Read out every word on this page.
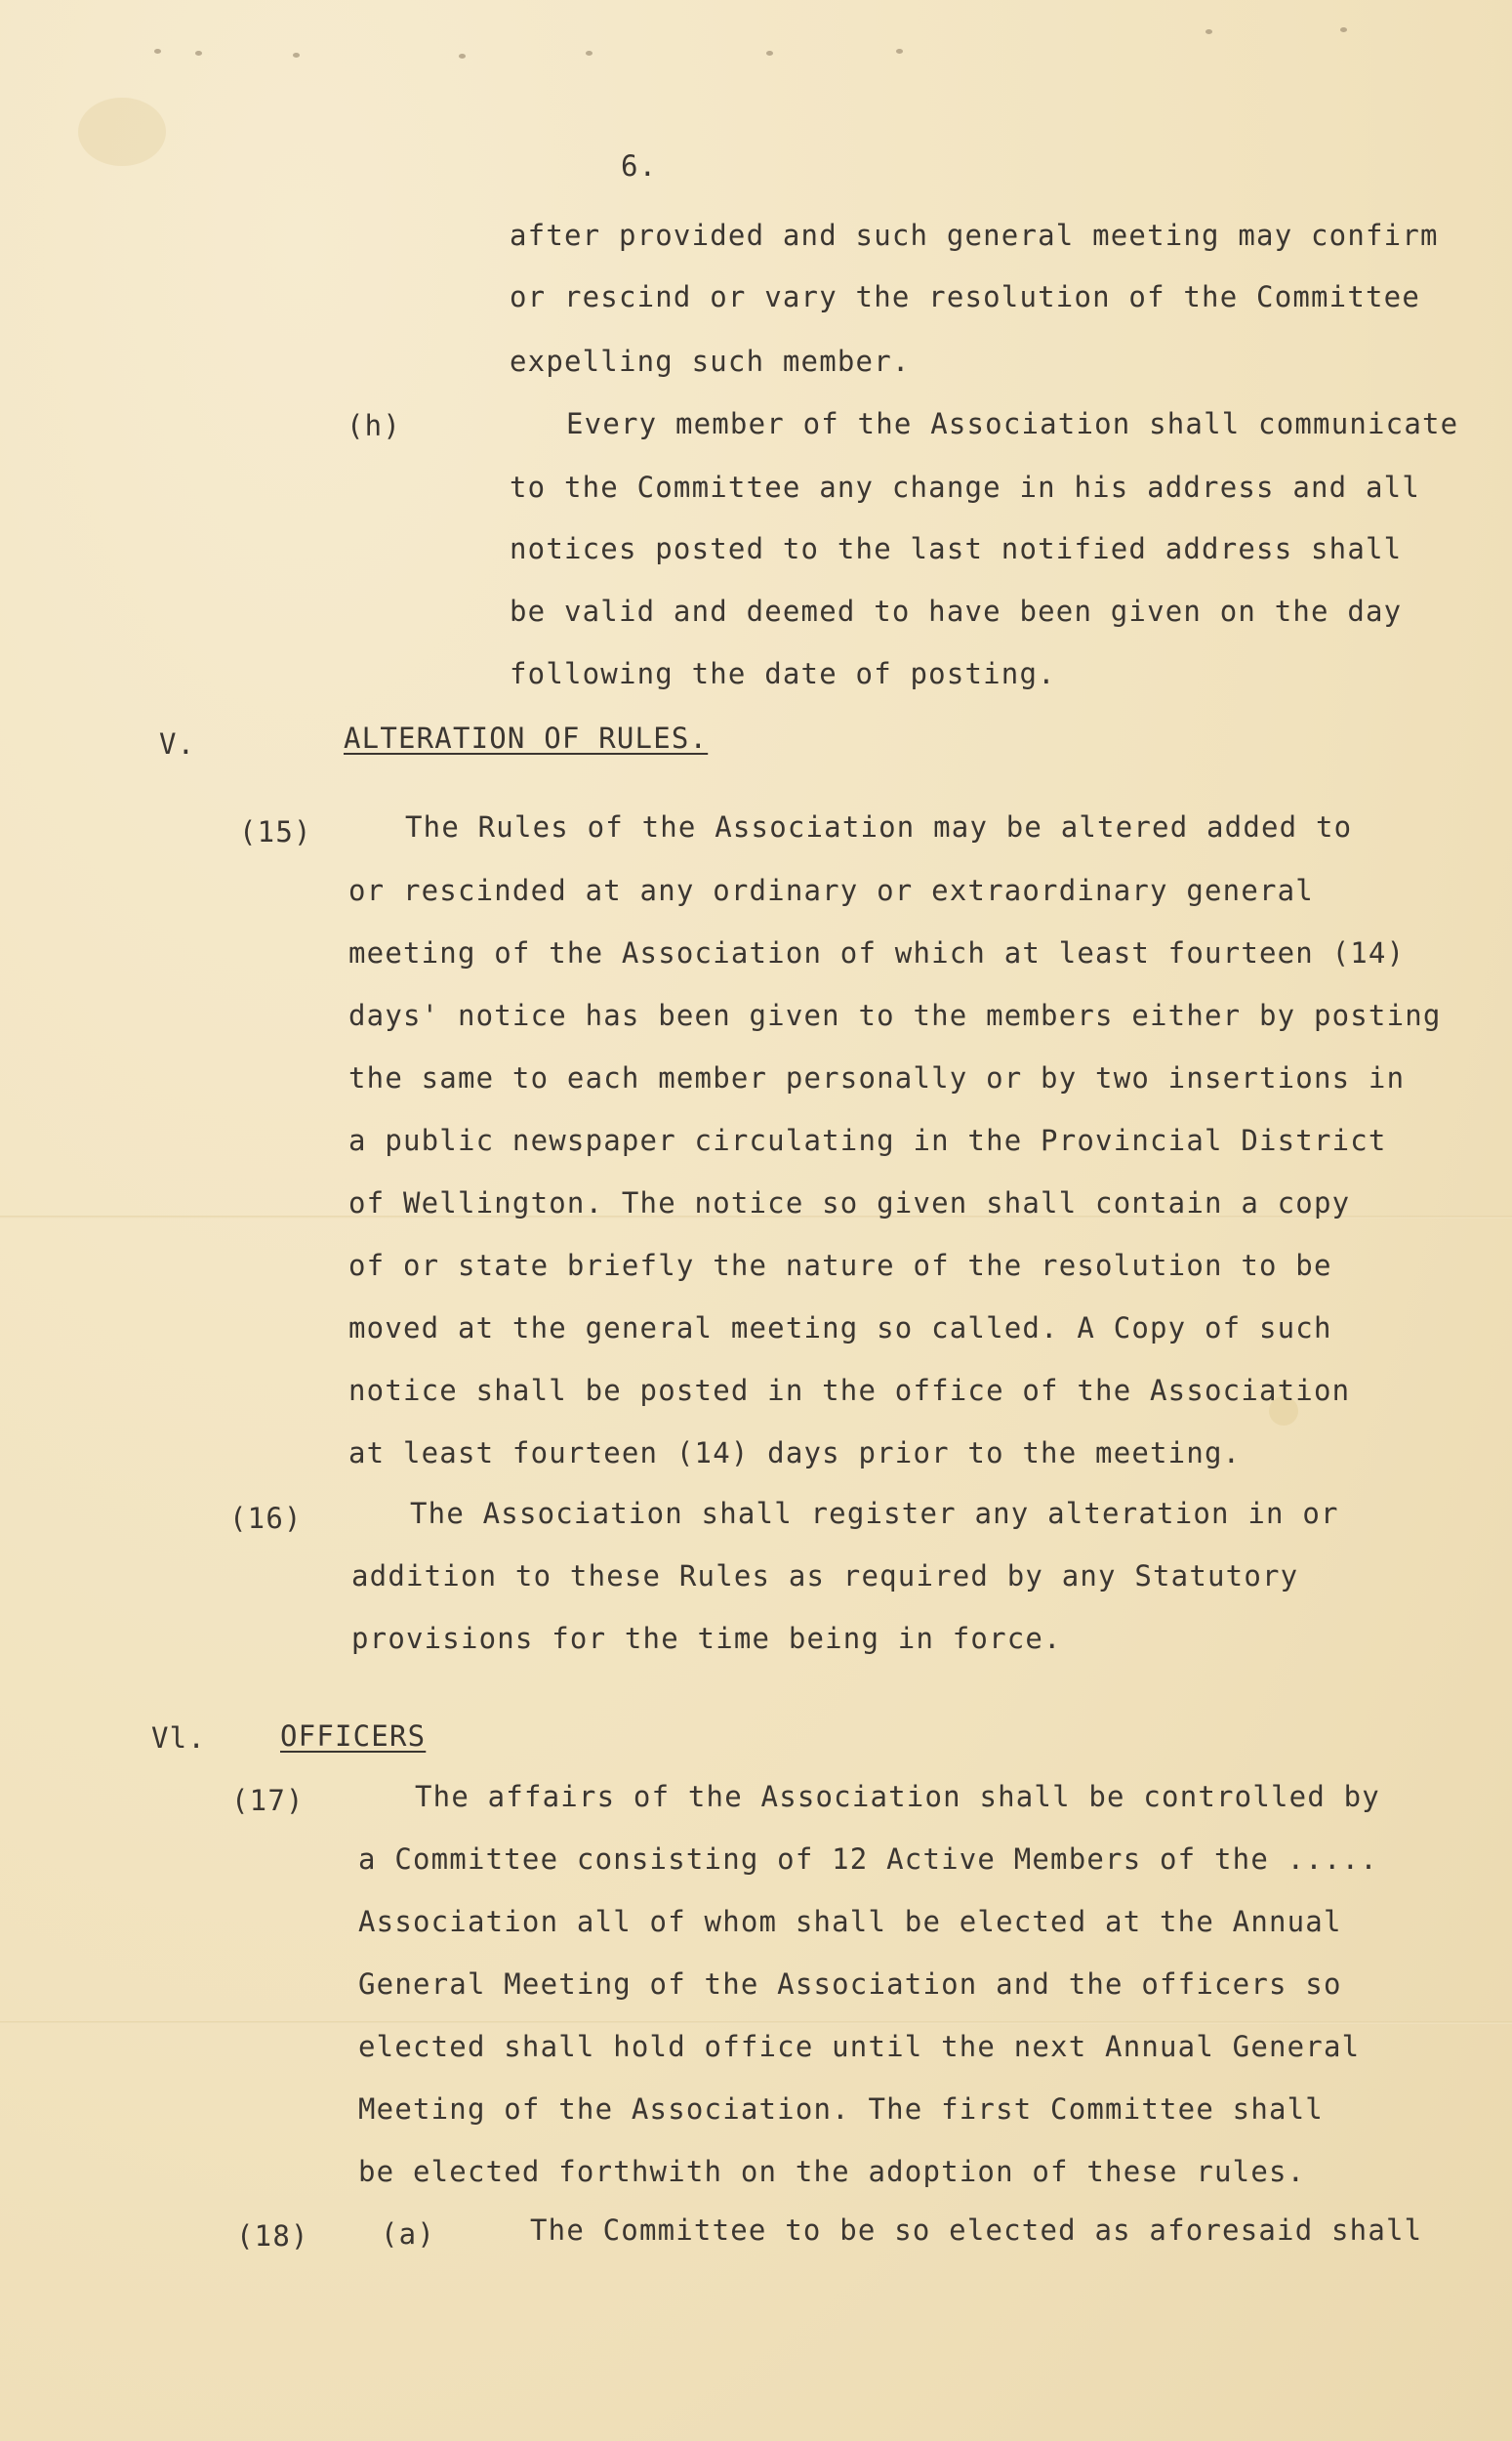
6.

after provided and such general meeting may confirm

or rescind or vary the resolution of the Committee

expelling such member.

(h)	Every member of the Association shall communicate

to the Committee any change in his address and all

notices posted to the last notified address shall

be valid and deemed to have been given on the day

following the date of posting.

V.	ALTERATION OF RULES.

(15)	The Rules of the Association may be altered added to

or rescinded at any ordinary or extraordinary general

meeting of the Association of which at least fourteen (14)

days' notice has been given to the members either by posting

the same to each member personally or by two insertions in

a public newspaper circulating in the Provincial District

of Wellington. The notice so given shall contain a copy

of or state briefly the nature of the resolution to be

moved at the general meeting so called. A Copy of such

notice shall be posted in the office of the Association

at least fourteen (14) days prior to the meeting.

(16)	The Association shall register any alteration in or

addition to these Rules as required by any Statutory

provisions for the time being in force.

Vl.	OFFICERS

(17)	The affairs of the Association shall be controlled by

a Committee consisting of 12 Active Members of the .....

Association all of whom shall be elected at the Annual

General Meeting of the Association and the officers so

elected shall hold office until the next Annual General

Meeting of the Association. The first Committee shall

be elected forthwith on the adoption of these rules.

(18)	(a)	The Committee to be so elected as aforesaid shall
